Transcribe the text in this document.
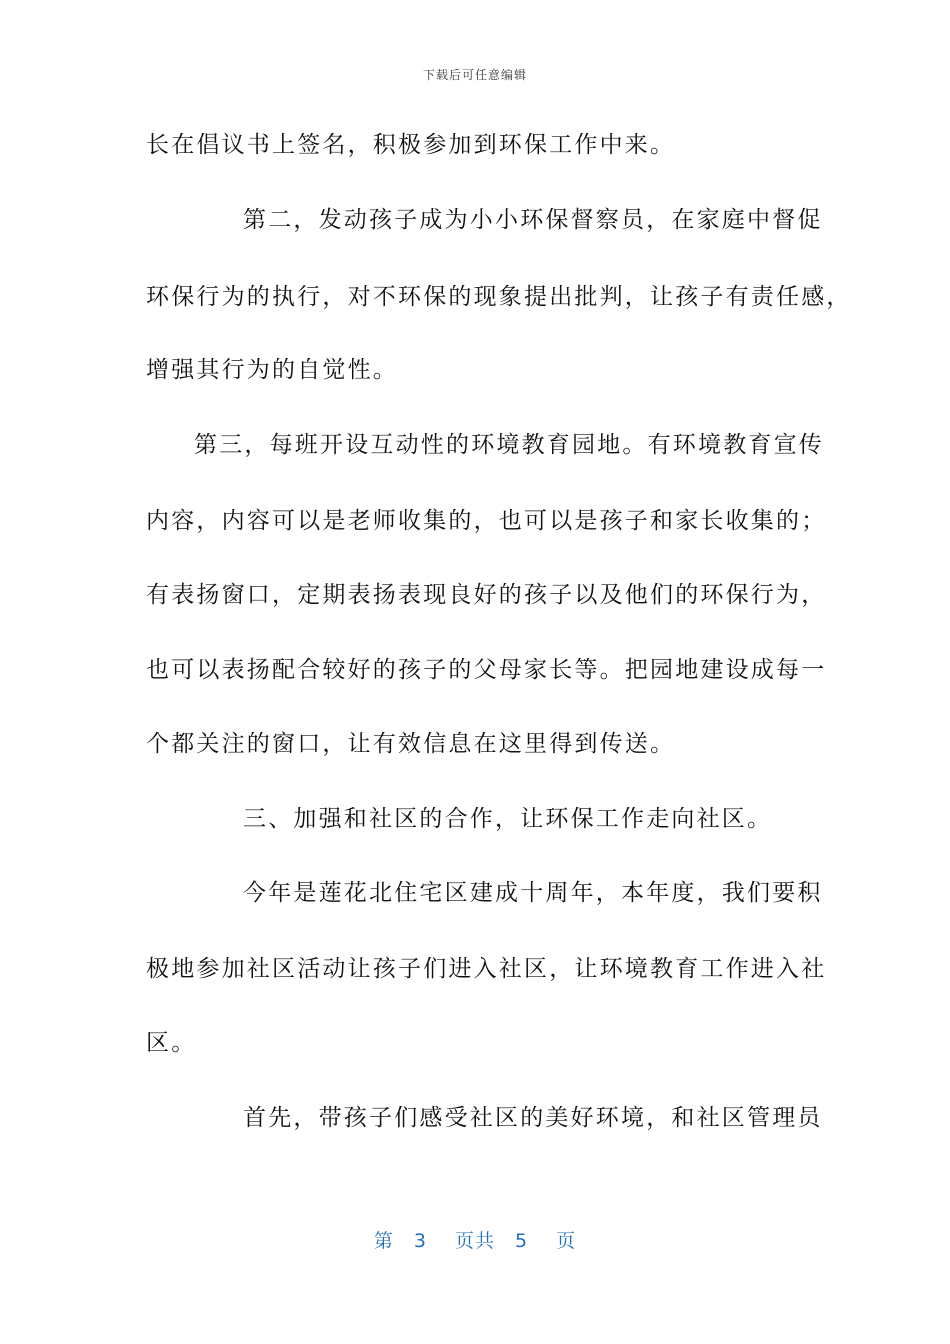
下载后可任意编辑
长在倡议书上签名，积极参加到环保工作中来。
第二，发动孩子成为小小环保督察员，在家庭中督促
环保行为的执行，对不环保的现象提出批判，让孩子有责任感，
增强其行为的自觉性。
第三，每班开设互动性的环境教育园地。有环境教育宣传
内容，内容可以是老师收集的，也可以是孩子和家长收集的；
有表扬窗口，定期表扬表现良好的孩子以及他们的环保行为，
也可以表扬配合较好的孩子的父母家长等。把园地建设成每一
个都关注的窗口，让有效信息在这里得到传送。
三、加强和社区的合作，让环保工作走向社区。
今年是莲花北住宅区建成十周年，本年度，我们要积
极地参加社区活动让孩子们进入社区，让环境教育工作进入社
区。
首先，带孩子们感受社区的美好环境，和社区管理员
第 3 页共 5 页
